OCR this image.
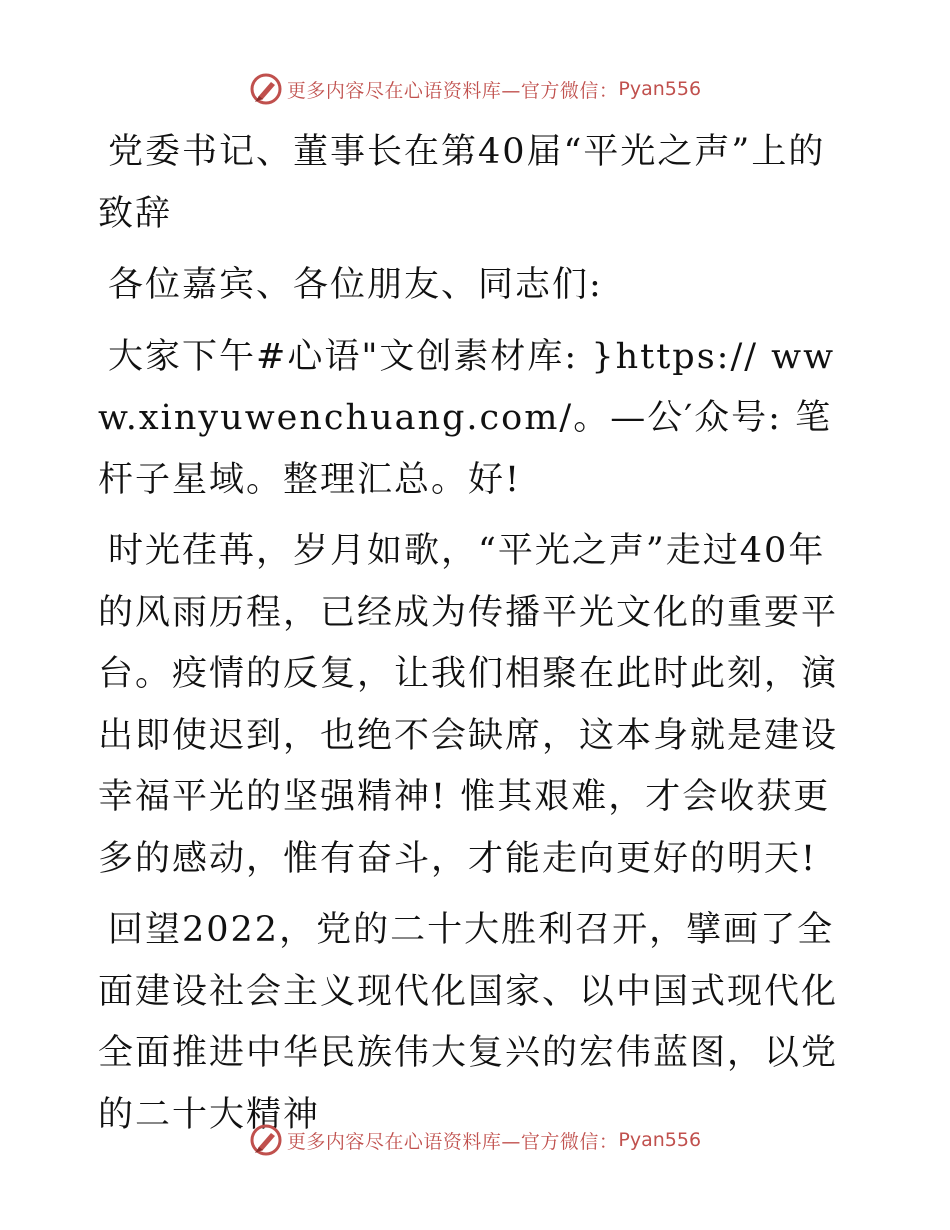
更多内容尽在心语资料库—官方微信： Pyan556

党委书记、董事长在第40届“平光之声”上的致辞

各位嘉宾、各位朋友、同志们:

大家下午#心语"文创素材库: }https:// www.xinyuwenchuang.com/。—公′众号: 笔杆子星域。整理汇总。好!

时光荏苒，岁月如歌，“平光之声”走过40年的风雨历程，已经成为传播平光文化的重要平台。疫情的反复，让我们相聚在此时此刻，演出即使迟到，也绝不会缺席，这本身就是建设幸福平光的坚强精神! 惟其艰难，才会收获更多的感动，惟有奋斗，才能走向更好的明天!

回望2022，党的二十大胜利召开，擘画了全面建设社会主义现代化国家、以中国式现代化全面推进中华民族伟大复兴的宏伟蓝图，以党的二十大精神

更多内容尽在心语资料库—官方微信： Pyan556
